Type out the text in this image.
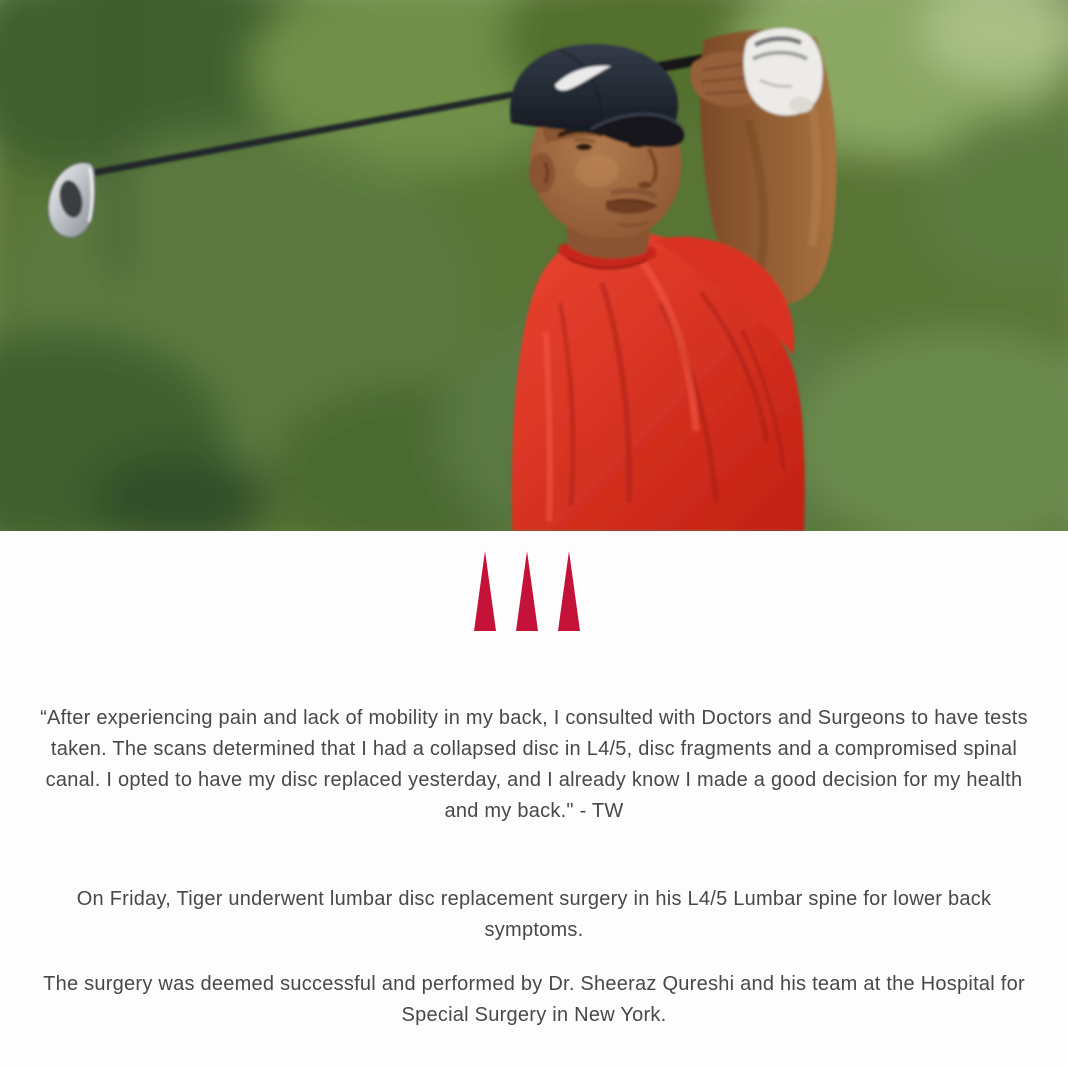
“After experiencing pain and lack of mobility in my back, I consulted with Doctors and Surgeons to have tests
taken. The scans determined that I had a collapsed disc in L4/5, disc fragments and a compromised spinal
canal. I opted to have my disc replaced yesterday, and I already know I made a good decision for my health
and my back." - TW
On Friday, Tiger underwent lumbar disc replacement surgery in his L4/5 Lumbar spine for lower back
symptoms.
The surgery was deemed successful and performed by Dr. Sheeraz Qureshi and his team at the Hospital for
Special Surgery in New York.
